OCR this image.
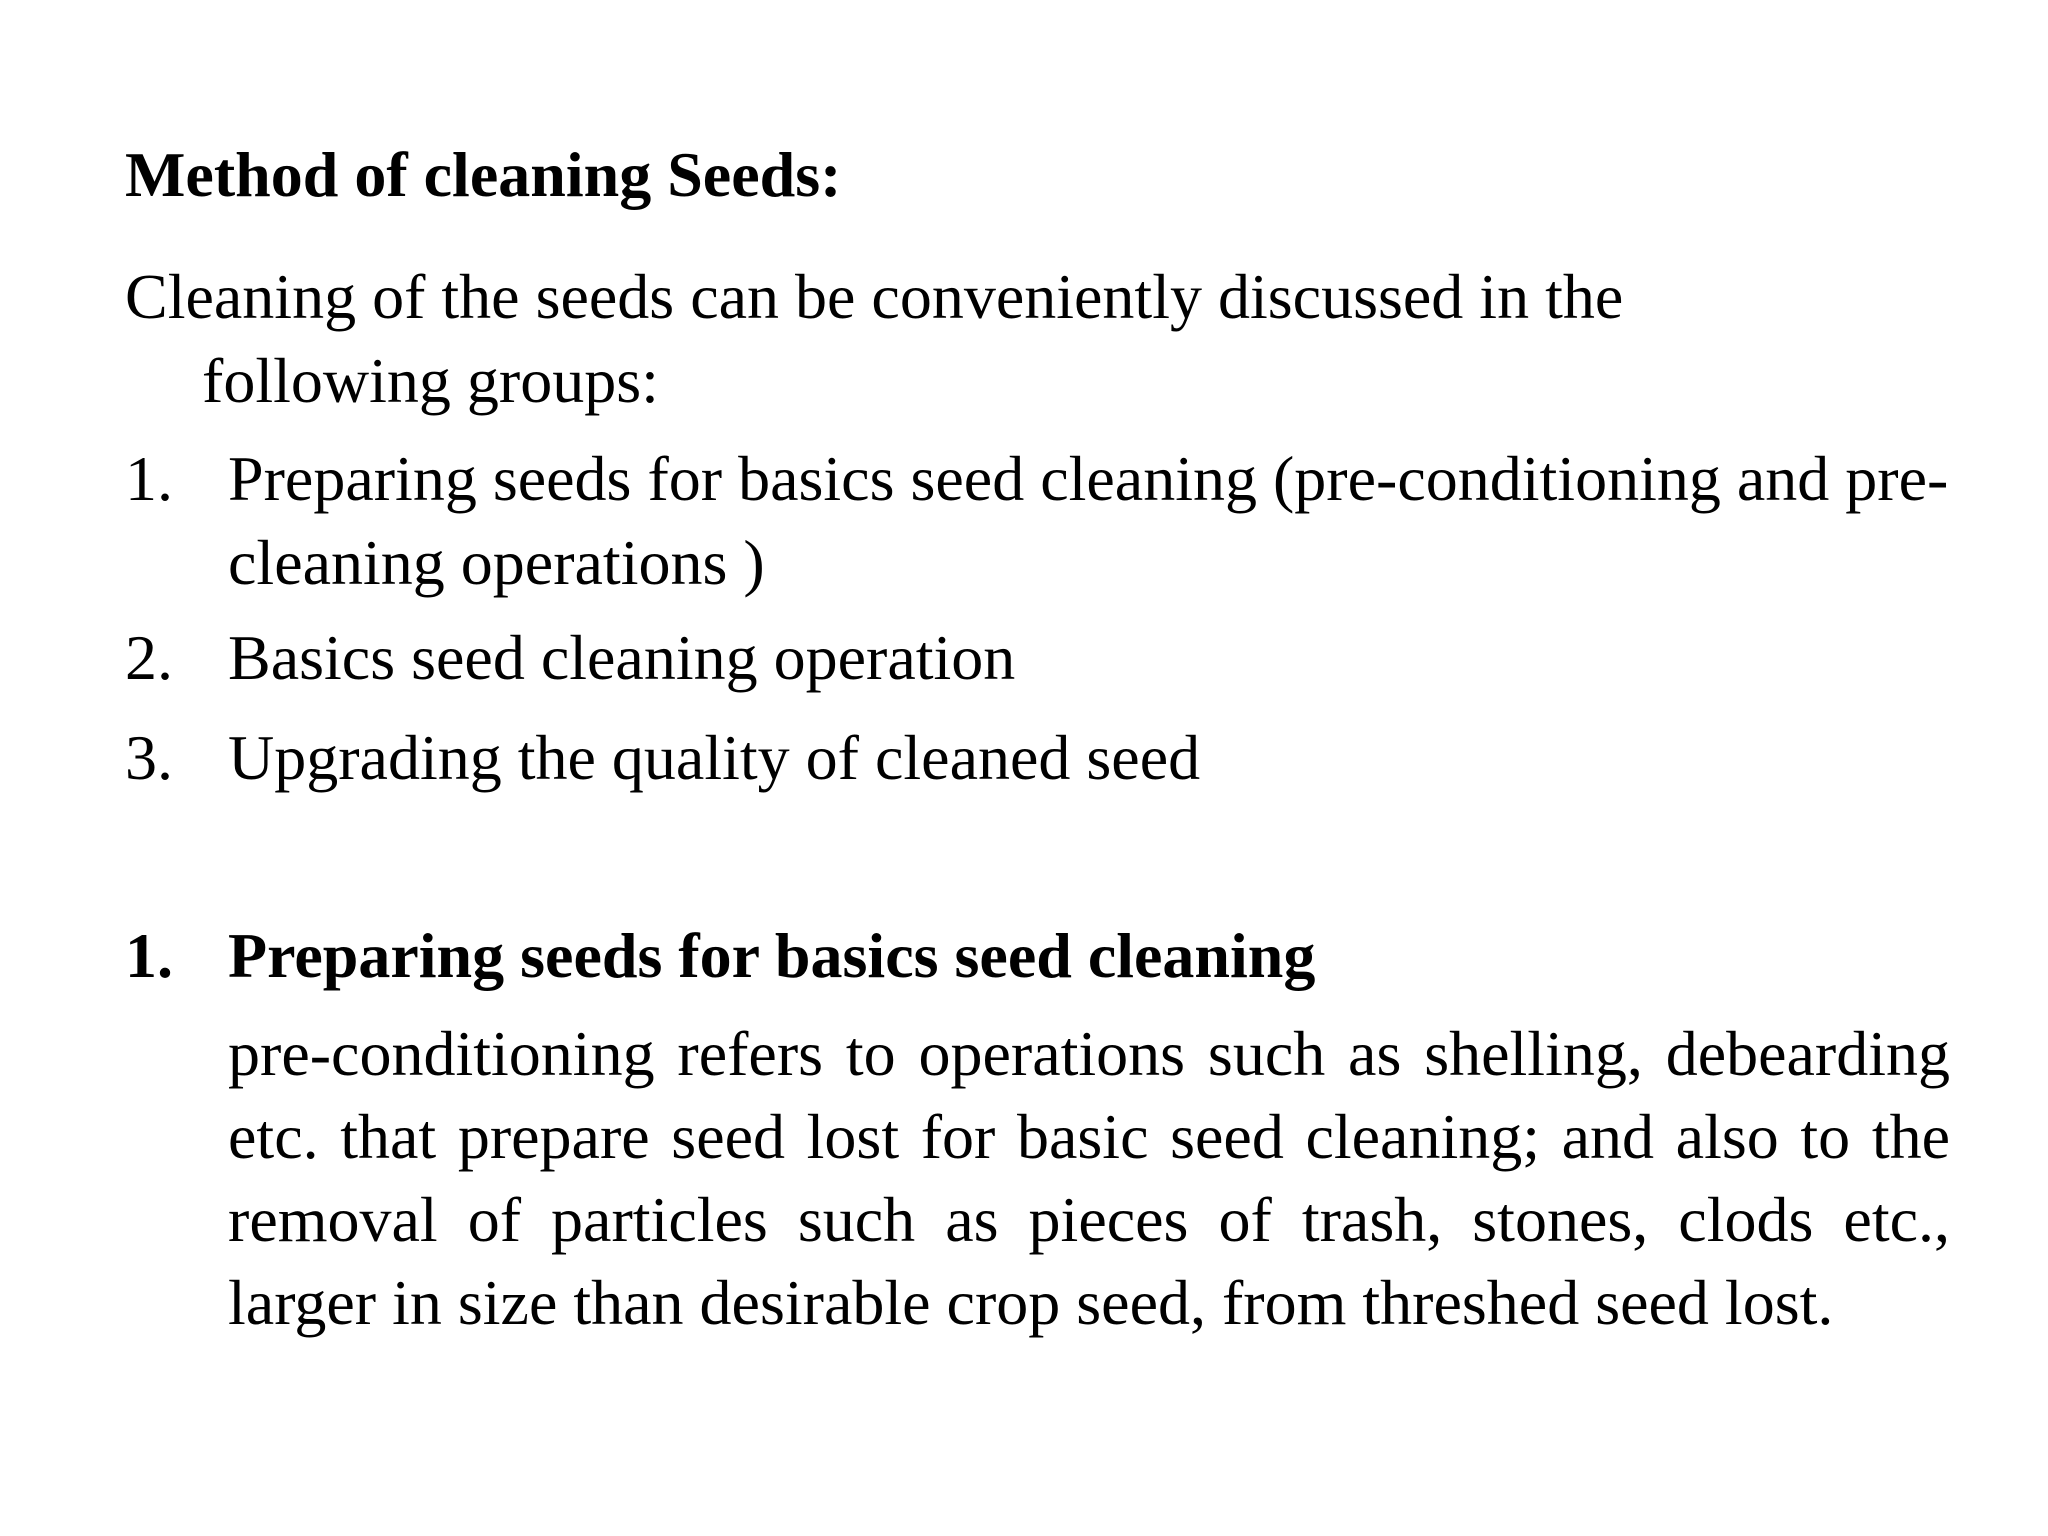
Method of cleaning Seeds:
Cleaning of the seeds can be conveniently discussed in the
following groups:
1. Preparing seeds for basics seed cleaning (pre-conditioning and pre-cleaning operations )
2. Basics seed cleaning operation
3. Upgrading the quality of cleaned seed
1. Preparing seeds for basics seed cleaning
pre-conditioning refers to operations such as shelling, debearding etc. that prepare seed lost for basic seed cleaning; and also to the removal of particles such as pieces of trash, stones, clods etc., larger in size than desirable crop seed, from threshed seed lost.
